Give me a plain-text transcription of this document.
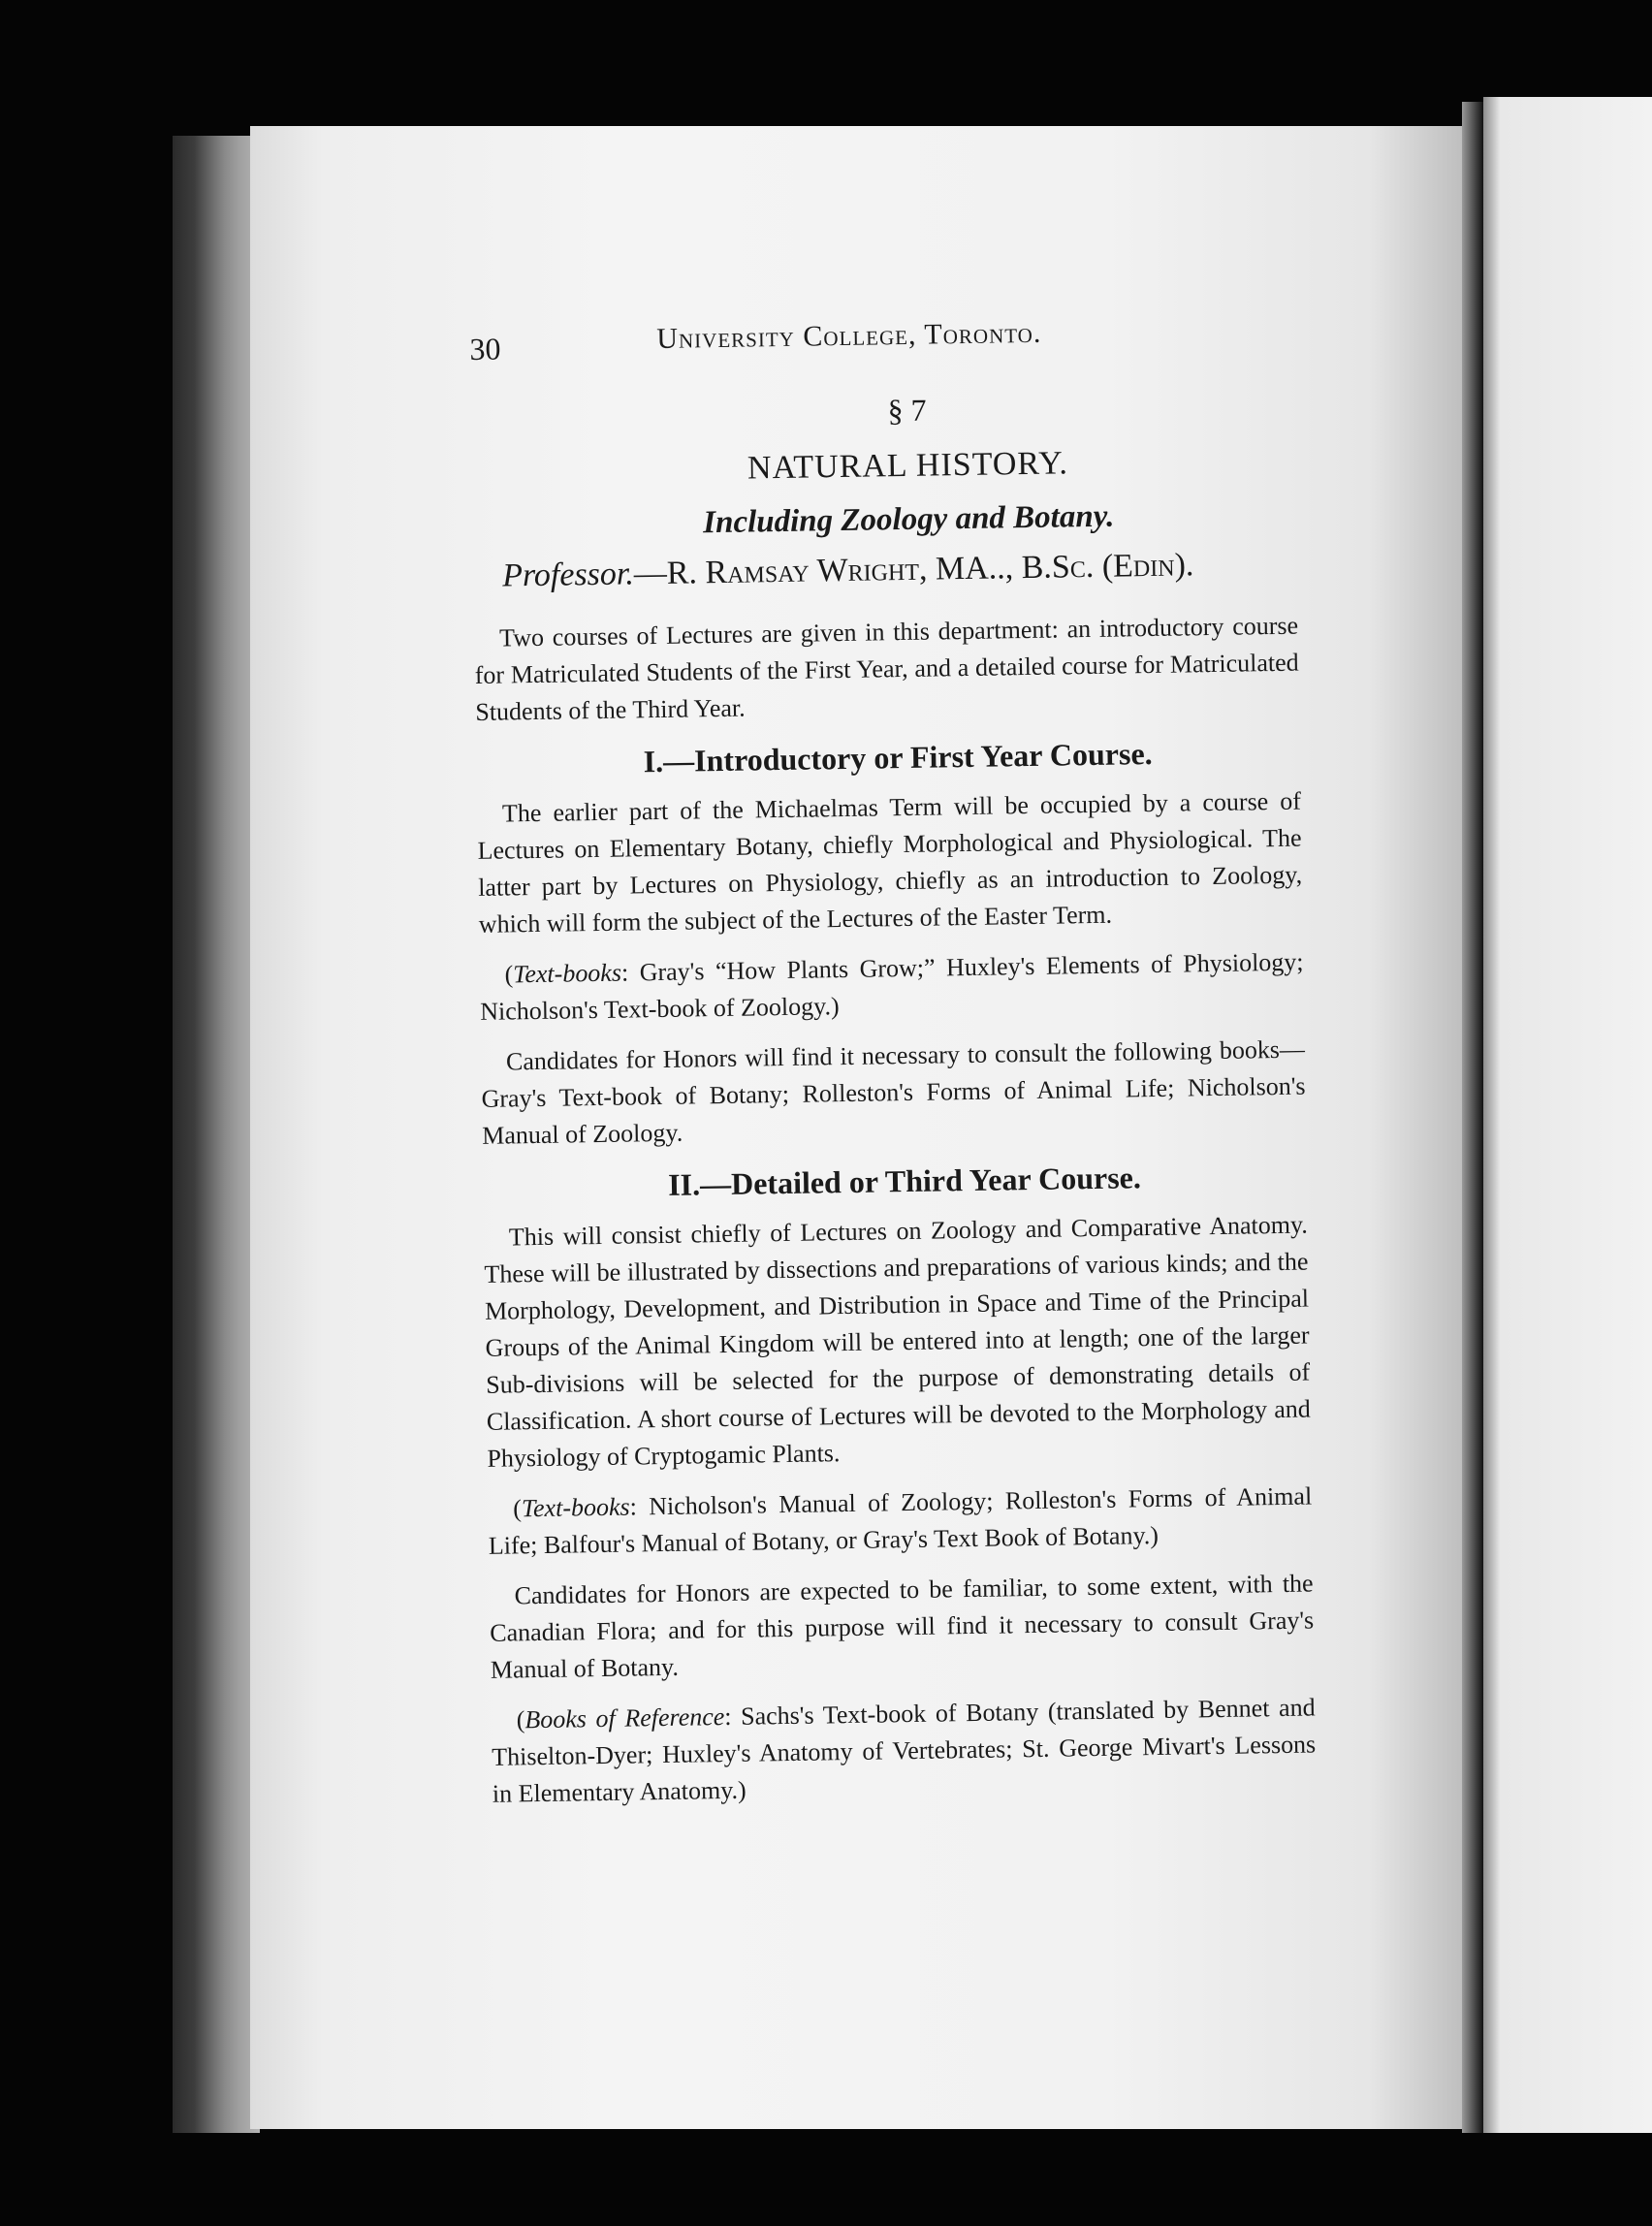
30	University College, Toronto.
§ 7
NATURAL HISTORY.
Including Zoology and Botany.
Professor.—R. Ramsay Wright, MA.., B.Sc. (Edin).

Two courses of Lectures are given in this department: an introductory course for Matriculated Students of the First Year, and a detailed course for Matriculated Students of the Third Year.

I.—Introductory or First Year Course.

The earlier part of the Michaelmas Term will be occupied by a course of Lectures on Elementary Botany, chiefly Morphological and Physiological. The latter part by Lectures on Physiology, chiefly as an introduction to Zoology, which will form the subject of the Lectures of the Easter Term.

(Text-books: Gray's “How Plants Grow;” Huxley's Elements of Physiology; Nicholson's Text-book of Zoology.)

Candidates for Honors will find it necessary to consult the following books—Gray's Text-book of Botany; Rolleston's Forms of Animal Life; Nicholson's Manual of Zoology.

II.—Detailed or Third Year Course.

This will consist chiefly of Lectures on Zoology and Comparative Anatomy. These will be illustrated by dissections and preparations of various kinds; and the Morphology, Development, and Distribution in Space and Time of the Principal Groups of the Animal Kingdom will be entered into at length; one of the larger Sub-divisions will be selected for the purpose of demonstrating details of Classification. A short course of Lectures will be devoted to the Morphology and Physiology of Cryptogamic Plants.

(Text-books: Nicholson's Manual of Zoology; Rolleston's Forms of Animal Life; Balfour's Manual of Botany, or Gray's Text Book of Botany.)

Candidates for Honors are expected to be familiar, to some extent, with the Canadian Flora; and for this purpose will find it necessary to consult Gray's Manual of Botany.

(Books of Reference: Sachs's Text-book of Botany (translated by Bennet and Thiselton-Dyer; Huxley's Anatomy of Vertebrates; St. George Mivart's Lessons in Elementary Anatomy.)
